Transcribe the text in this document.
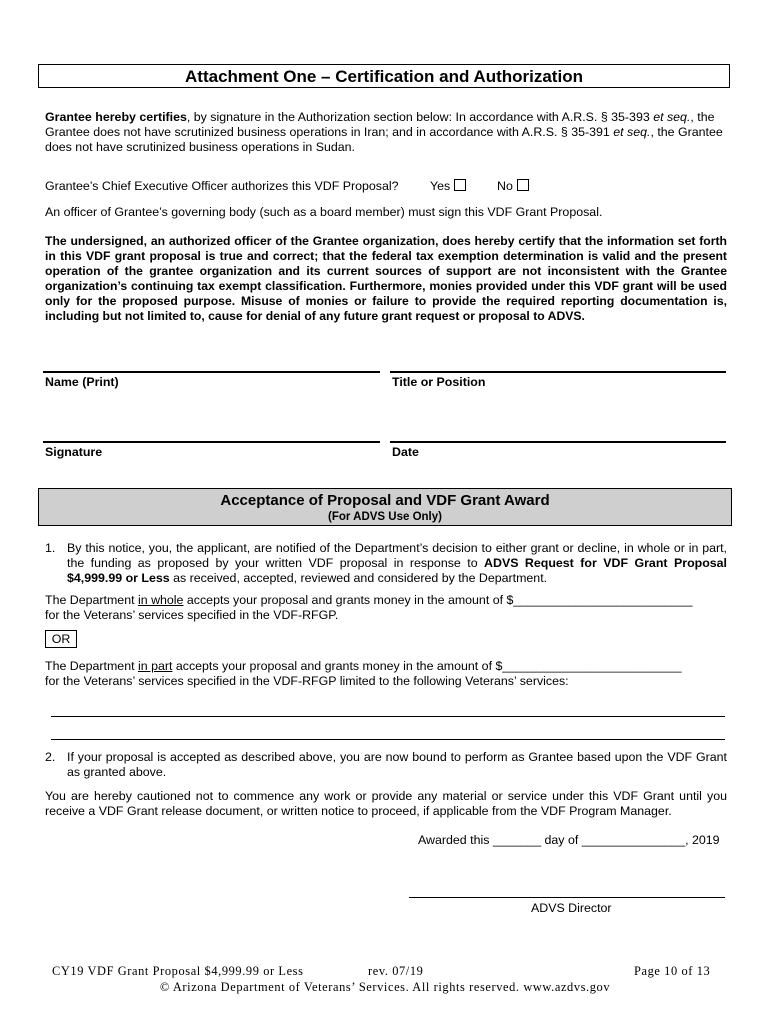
Attachment One – Certification and Authorization
Grantee hereby certifies, by signature in the Authorization section below: In accordance with A.R.S. § 35-393 et seq., the Grantee does not have scrutinized business operations in Iran; and in accordance with A.R.S. § 35-391 et seq., the Grantee does not have scrutinized business operations in Sudan.
Grantee’s Chief Executive Officer authorizes this VDF Proposal?	Yes	No
An officer of Grantee’s governing body (such as a board member) must sign this VDF Grant Proposal.
The undersigned, an authorized officer of the Grantee organization, does hereby certify that the information set forth in this VDF grant proposal is true and correct; that the federal tax exemption determination is valid and the present operation of the grantee organization and its current sources of support are not inconsistent with the Grantee organization’s continuing tax exempt classification. Furthermore, monies provided under this VDF grant will be used only for the proposed purpose. Misuse of monies or failure to provide the required reporting documentation is, including but not limited to, cause for denial of any future grant request or proposal to ADVS.
Name (Print)	Title or Position
Signature	Date
Acceptance of Proposal and VDF Grant Award
(For ADVS Use Only)
1. By this notice, you, the applicant, are notified of the Department’s decision to either grant or decline, in whole or in part, the funding as proposed by your written VDF proposal in response to ADVS Request for VDF Grant Proposal $4,999.99 or Less as received, accepted, reviewed and considered by the Department.
The Department in whole accepts your proposal and grants money in the amount of $__________________________
for the Veterans’ services specified in the VDF-RFGP.
OR
The Department in part accepts your proposal and grants money in the amount of $__________________________
for the Veterans’ services specified in the VDF-RFGP limited to the following Veterans’ services:
2. If your proposal is accepted as described above, you are now bound to perform as Grantee based upon the VDF Grant as granted above.
You are hereby cautioned not to commence any work or provide any material or service under this VDF Grant until you receive a VDF Grant release document, or written notice to proceed, if applicable from the VDF Program Manager.
Awarded this _______ day of _______________, 2019
ADVS Director
CY19 VDF Grant Proposal $4,999.99 or Less	rev. 07/19	Page 10 of 13
© Arizona Department of Veterans’ Services. All rights reserved. www.azdvs.gov
